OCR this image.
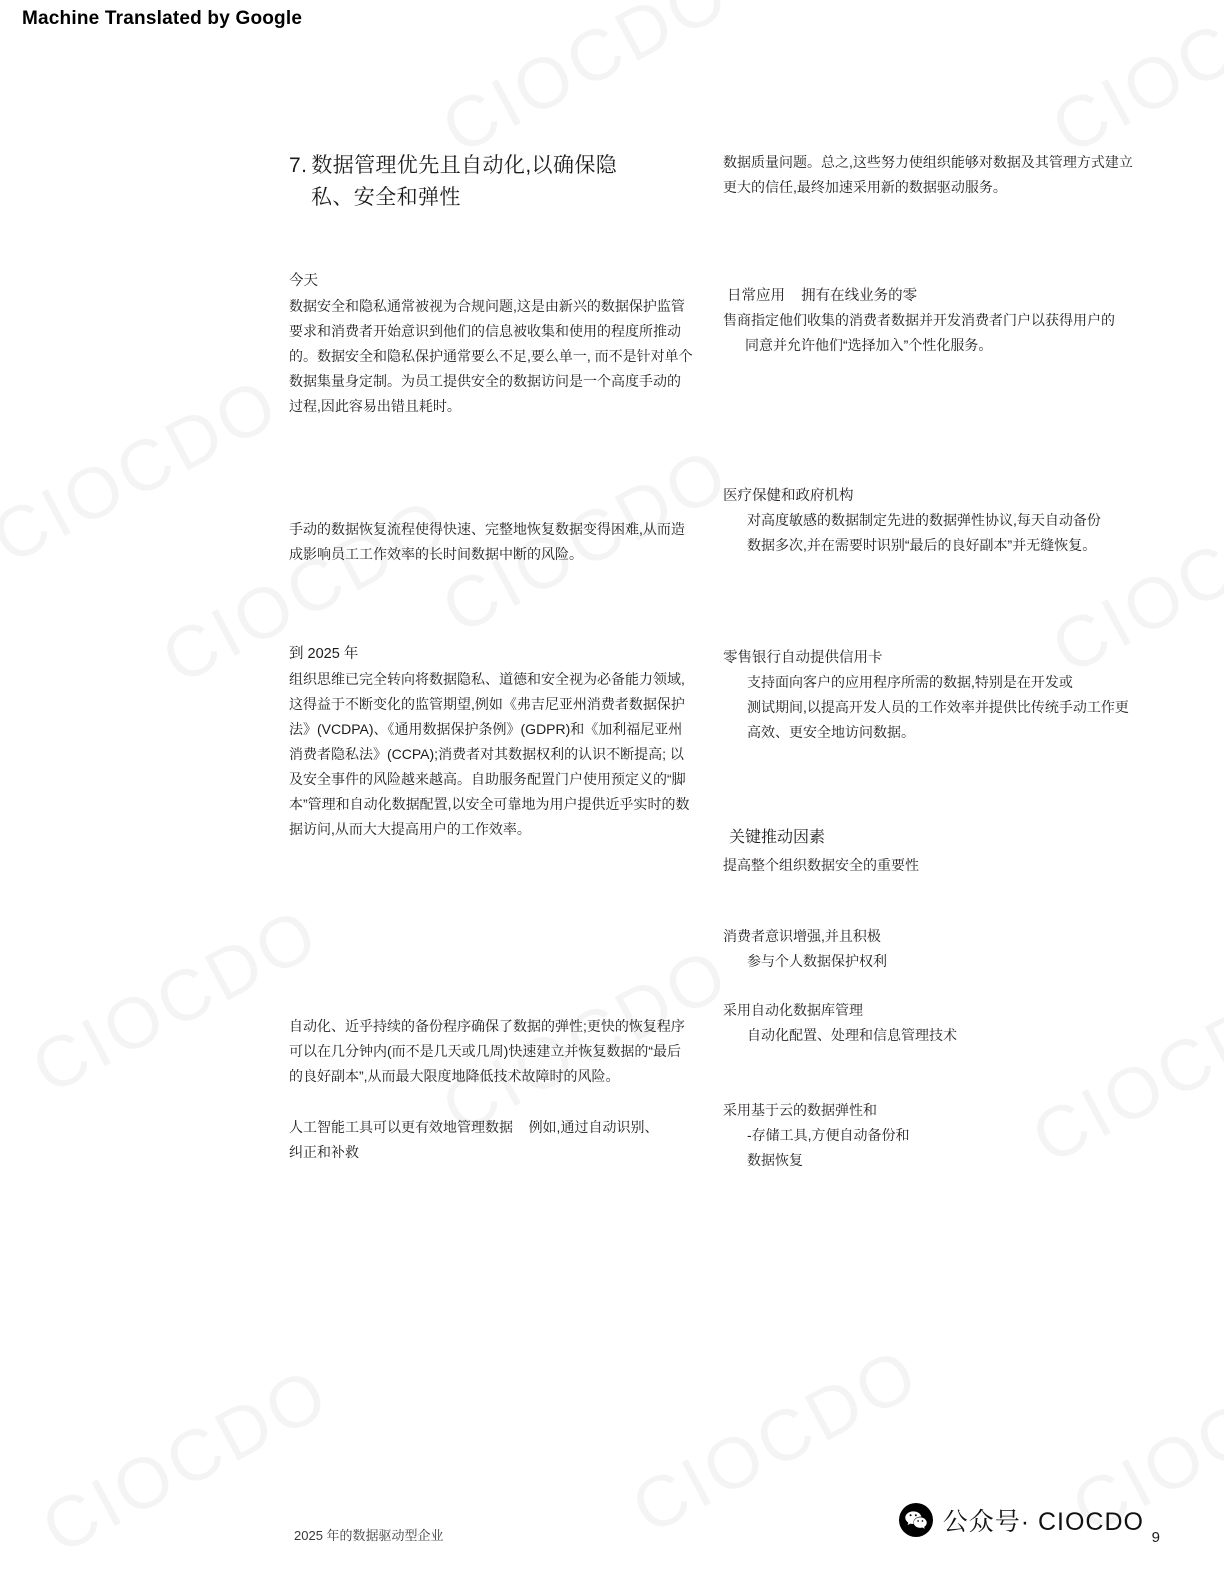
Machine Translated by Google
7. 数据管理优先且自动化,以确保隐
私、安全和弹性

今天

数据安全和隐私通常被视为合规问题,这是由新兴的数据保护监管要求和消费者开始意识到他们的信息被收集和使用的程度所推动的。数据安全和隐私保护通常要么不足,要么单一, 而不是针对单个数据集量身定制。为员工提供安全的数据访问是一个高度手动的过程,因此容易出错且耗时。

手动的数据恢复流程使得快速、完整地恢复数据变得困难,从而造成影响员工工作效率的长时间数据中断的风险。

到 2025 年

组织思维已完全转向将数据隐私、道德和安全视为必备能力领域,这得益于不断变化的监管期望,例如《弗吉尼亚州消费者数据保护法》(VCDPA)、《通用数据保护条例》(GDPR)和《加利福尼亚州消费者隐私法》(CCPA);消费者对其数据权利的认识不断提高; 以及安全事件的风险越来越高。自助服务配置门户使用预定义的“脚本”管理和自动化数据配置,以安全可靠地为用户提供近乎实时的数据访问,从而大大提高用户的工作效率。

自动化、近乎持续的备份程序确保了数据的弹性;更快的恢复程序可以在几分钟内(而不是几天或几周)快速建立并恢复数据的“最后的良好副本”,从而最大限度地降低技术故障时的风险。

人工智能工具可以更有效地管理数据 例如,通过自动识别、
纠正和补救

数据质量问题。总之,这些努力使组织能够对数据及其管理方式建立更大的信任,最终加速采用新的数据驱动服务。

日常应用 拥有在线业务的零

售商指定他们收集的消费者数据并开发消费者门户以获得用户的

同意并允许他们“选择加入”个性化服务。

医疗保健和政府机构

对高度敏感的数据制定先进的数据弹性协议,每天自动备份

数据多次,并在需要时识别“最后的良好副本”并无缝恢复。

零售银行自动提供信用卡

支持面向客户的应用程序所需的数据,特别是在开发或

测试期间,以提高开发人员的工作效率并提供比传统手动工作更

高效、更安全地访问数据。

关键推动因素

提高整个组织数据安全的重要性

消费者意识增强,并且积极

参与个人数据保护权利

采用自动化数据库管理

自动化配置、处理和信息管理技术

采用基于云的数据弹性和

-存储工具,方便自动备份和

数据恢复

2025 年的数据驱动型企业	9
公众号· CIOCDO
